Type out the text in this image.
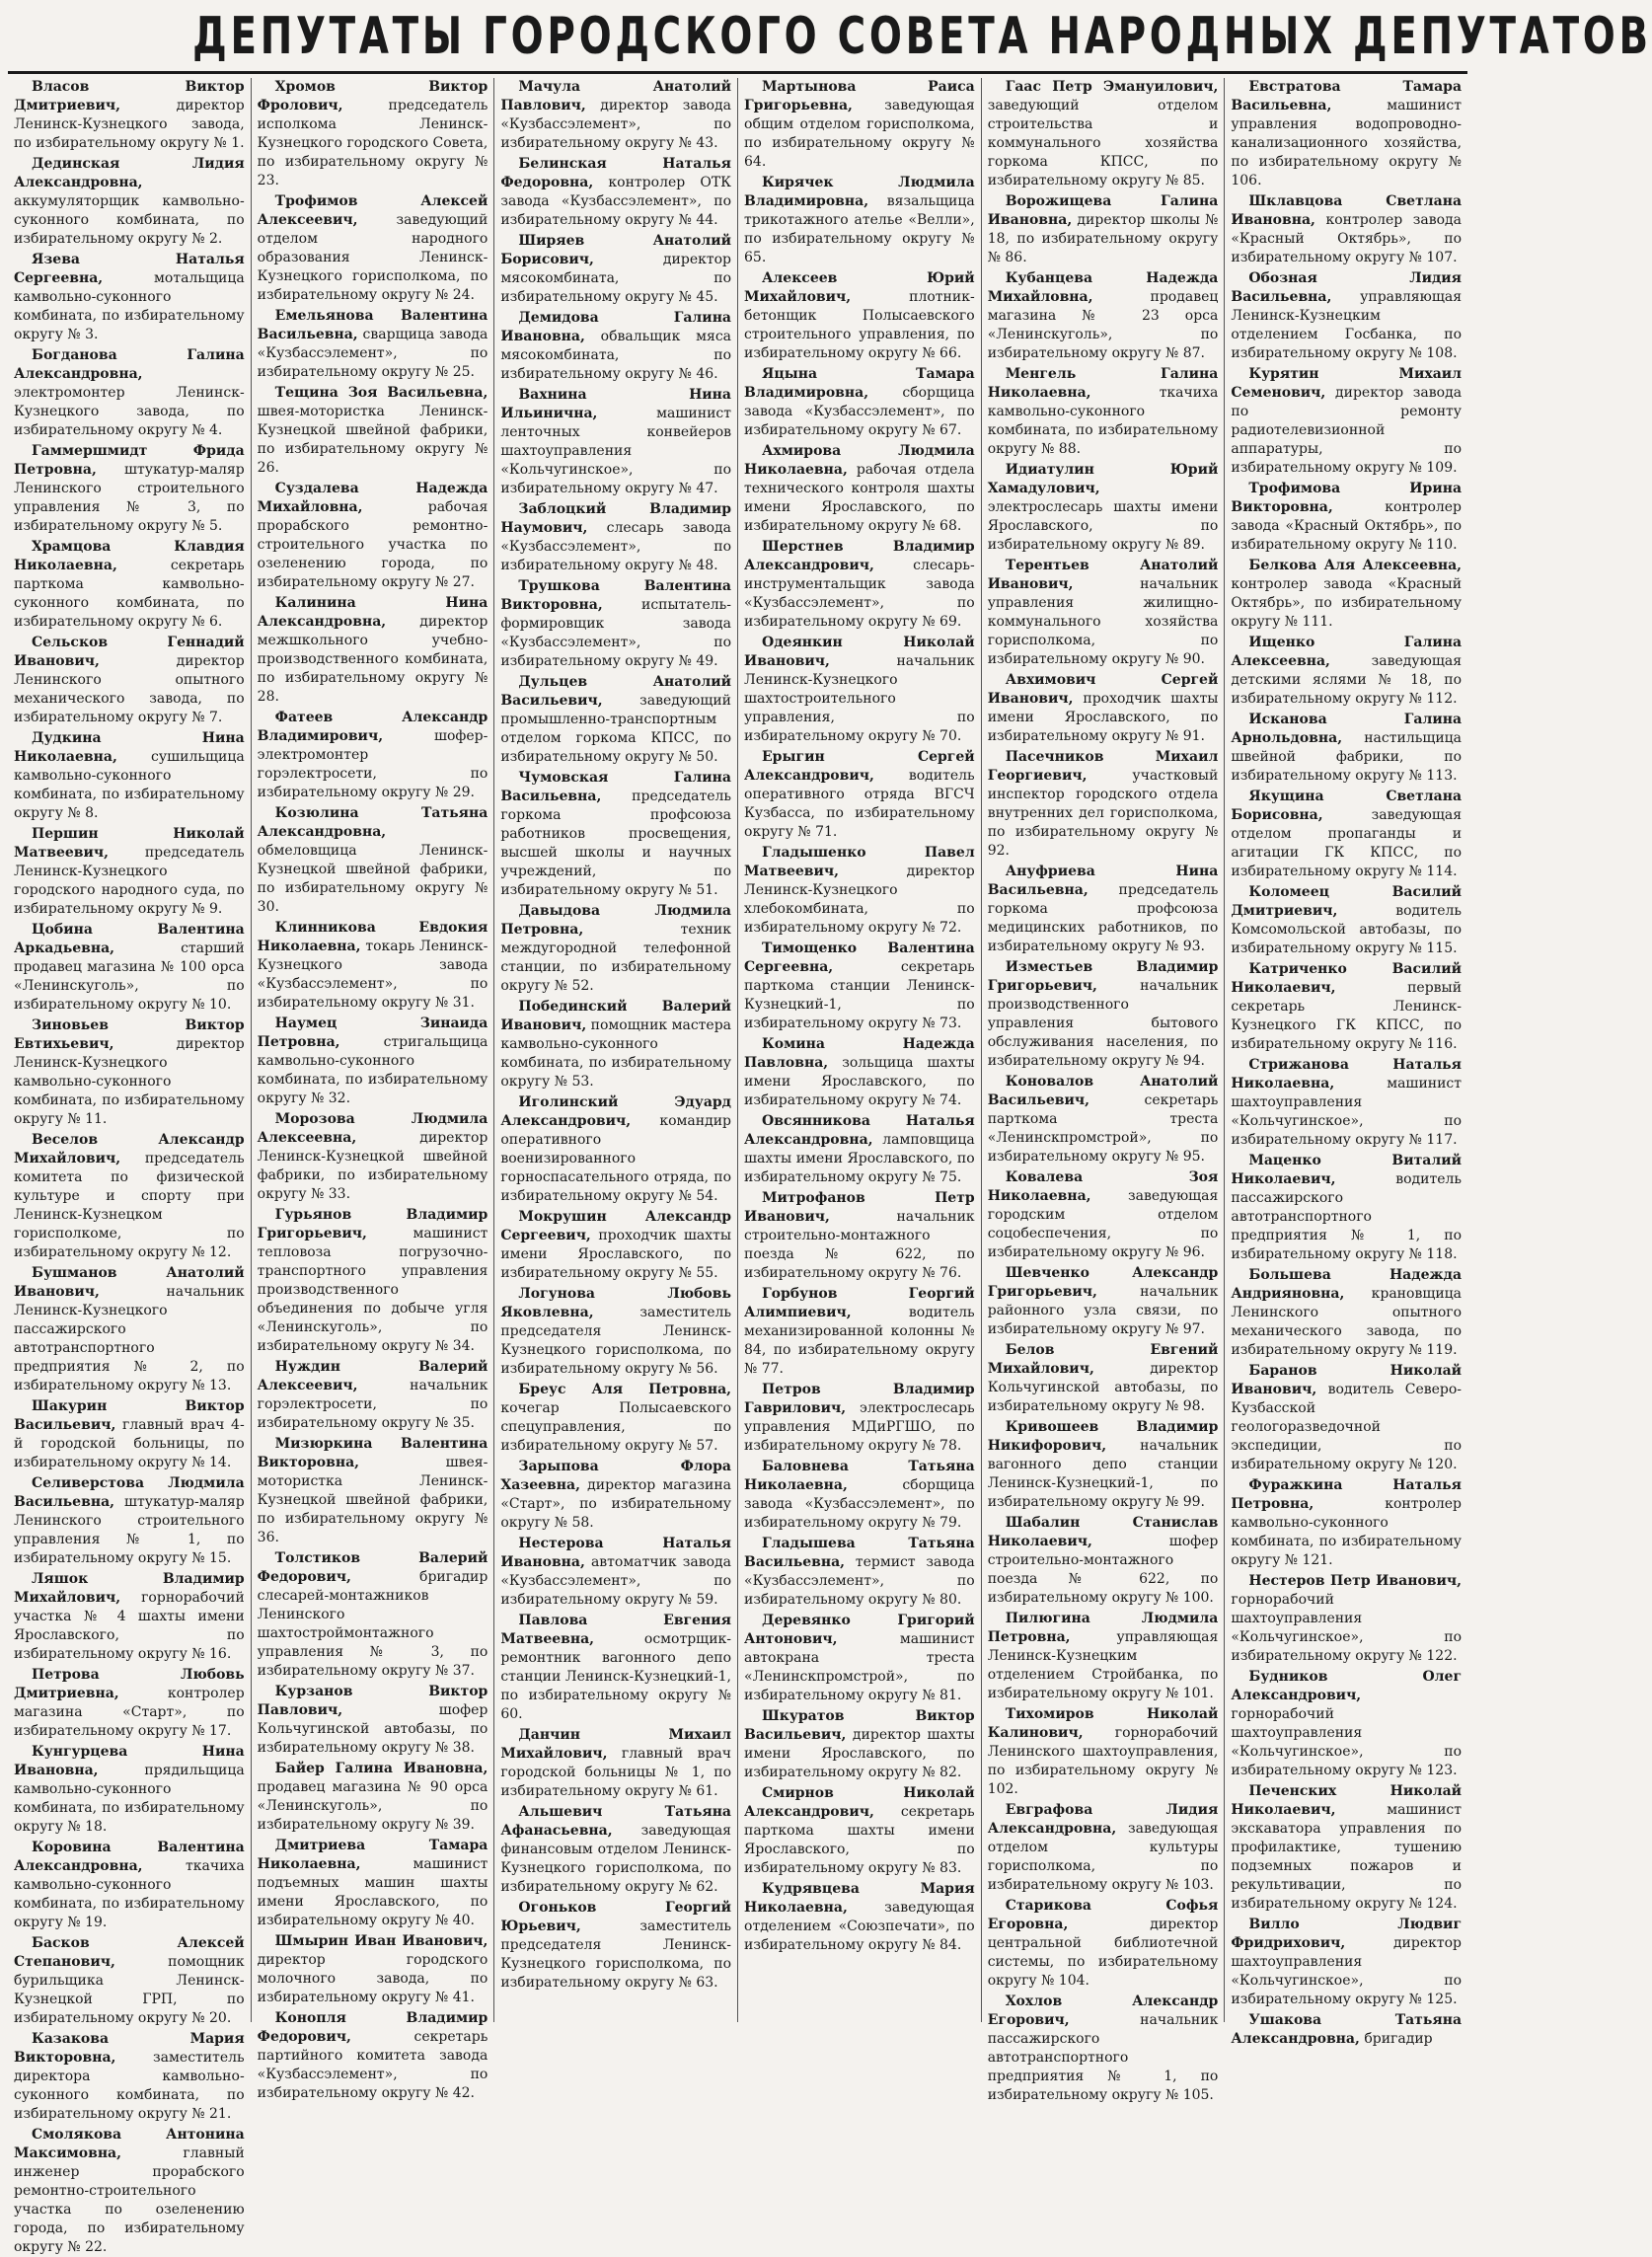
ДЕПУТАТЫ ГОРОДСКОГО СОВЕТА НАРОДНЫХ ДЕПУТАТОВ

Власов Виктор Дмитриевич,	директор Ленинск-Кузнецкого завода, по избирательному округу № 1.

Дединская Лидия Александровна, аккумуляторщик камвольно-суконного комбината, по избирательному округу № 2.

Язева Наталья Сергеевна,	мотальщица камвольно-суконного комбината, по избирательному округу № 3.

Богданова Галина Александровна, электромонтер Ленинск-Кузнецкого завода, по избирательному округу № 4.

Гаммершмидт Фрида Петровна, штукатур-маляр Ленинского строительного управления № 3, по избирательному округу № 5.

Храмцова Клавдия Николаевна,	секретарь парткома камвольно-суконного комбината, по избирательному округу № 6.

Сельсков Геннадий Иванович,	директор Ленинского опытного механического завода, по избирательному округу № 7.

Дудкина Нина Николаевна, сушильщица камвольно-суконного комбината, по избирательному округу № 8.

Першин Николай Матвеевич,	председатель Ленинск-Кузнецкого городского народного суда, по избирательному округу № 9.

Цобина Валентина Аркадьевна,	старший продавец магазина № 100 орса «Ленинскуголь», по избирательному округу № 10.

Зиновьев Виктор Евтихьевич,	директор Ленинск-Кузнецкого камвольно-суконного комбината, по избирательному округу № 11.

Веселов Александр Михайлович, председатель комитета по физической культуре и спорту при Ленинск-Кузнецком горисполкоме, по избирательному округу № 12.

Бушманов Анатолий Иванович,	начальник Ленинск-Кузнецкого пассажирского автотранспортного предприятия № 2, по избирательному округу № 13.

Шакурин Виктор Васильевич, главный врач 4-й городской больницы, по избирательному округу № 14.

Селиверстова Людмила Васильевна, штукатур-маляр Ленинского строительного управления № 1, по избирательному округу № 15.

Ляшок Владимир Михайлович, горнорабочий участка № 4 шахты имени Ярославского, по избирательному округу № 16.

Петрова Любовь Дмитриевна,	контролер магазина «Старт», по избирательному округу № 17.

Кунгурцева Нина Ивановна,	прядильщица камвольно-суконного комбината, по избирательному округу № 18.

Коровина Валентина Александровна,	ткачиха камвольно-суконного комбината, по избирательному округу № 19.

Басков Алексей Степанович,	помощник бурильщика Ленинск-Кузнецкой ГРП, по избирательному округу № 20.

Казакова Мария Викторовна,	заместитель директора камвольно-суконного комбината, по избирательному округу № 21.

Смолякова Антонина Максимовна,	главный инженер прорабского ремонтно-строительного участка по озеленению города, по избирательному округу № 22.

Хромов Виктор Фролович,	председатель исполкома Ленинск-Кузнецкого городского Совета, по избирательному округу № 23.

Трофимов Алексей Алексеевич,	заведующий отделом народного образования Ленинск-Кузнецкого горисполкома, по избирательному округу № 24.

Емельянова Валентина Васильевна, сварщица завода «Кузбассэлемент», по избирательному округу № 25.

Тещина Зоя Васильевна, швея-мотористка Ленинск-Кузнецкой швейной фабрики, по избирательному округу № 26.

Суздалева Надежда Михайловна,	рабочая прорабского ремонтно-строительного участка по озеленению города, по избирательному округу № 27.

Калинина Нина Александровна, директор межшкольного учебно-производственного комбината, по избирательному округу № 28.

Фатеев Александр Владимирович,	шофер-электромонтер горэлектросети, по избирательному округу № 29.

Козюлина Татьяна Александровна, обмеловщица Ленинск-Кузнецкой швейной фабрики, по избирательному округу № 30.

Клинникова Евдокия Николаевна, токарь Ленинск-Кузнецкого завода «Кузбассэлемент», по избирательному округу № 31.

Наумец Зинаида Петровна,	стригальщица камвольно-суконного комбината, по избирательному округу № 32.

Морозова Людмила Алексеевна,	директор Ленинск-Кузнецкой швейной фабрики, по избирательному округу № 33.

Гурьянов Владимир Григорьевич,	машинист тепловоза погрузочно-транспортного управления производственного объединения по добыче угля «Ленинскуголь», по избирательному округу № 34.

Нуждин Валерий Алексеевич,	начальник горэлектросети, по избирательному округу № 35.

Мизюркина Валентина Викторовна,	швея-мотористка Ленинск-Кузнецкой швейной фабрики, по избирательному округу № 36.

Толстиков Валерий Федорович,	бригадир слесарей-монтажников Ленинского шахтостроймонтажного управления № 3, по избирательному округу № 37.

Курзанов Виктор Павлович,	шофер Кольчугинской автобазы, по избирательному округу № 38.

Байер Галина Ивановна, продавец магазина № 90 орса «Ленинскуголь», по избирательному округу № 39.

Дмитриева Тамара Николаевна,	машинист подъемных машин шахты имени Ярославского, по избирательному округу № 40.

Шмырин Иван Иванович, директор городского молочного завода, по избирательному округу № 41.

Конопля Владимир Федорович,	секретарь партийного комитета завода «Кузбассэлемент», по избирательному округу № 42.

Мачула Анатолий Павлович, директор завода «Кузбассэлемент», по избирательному округу № 43.

Белинская Наталья Федоровна, контролер ОТК завода «Кузбассэлемент», по избирательному округу № 44.

Ширяев Анатолий Борисович,	директор мясокомбината, по избирательному округу № 45.

Демидова Галина Ивановна, обвальщик мяса мясокомбината, по избирательному округу № 46.

Вахнина Нина Ильинична,	машинист ленточных конвейеров шахтоуправления «Кольчугинское», по избирательному округу № 47.

Заблоцкий Владимир Наумович, слесарь завода «Кузбассэлемент», по избирательному округу № 48.

Трушкова Валентина Викторовна,	испытатель-формировщик завода «Кузбассэлемент», по избирательному округу № 49.

Дульцев Анатолий Васильевич,	заведующий промышленно-транспортным отделом горкома КПСС, по избирательному округу № 50.

Чумовская Галина Васильевна, председатель горкома профсоюза работников просвещения, высшей школы и научных учреждений, по избирательному округу № 51.

Давыдова Людмила Петровна,	техник междугородной телефонной станции, по избирательному округу № 52.

Побединский Валерий Иванович, помощник мастера камвольно-суконного комбината, по избирательному округу № 53.

Иголинский Эдуард Александрович, командир оперативного военизированного горноспасательного отряда, по избирательному округу № 54.

Мокрушин Александр Сергеевич, проходчик шахты имени Ярославского, по избирательному округу № 55.

Логунова Любовь Яковлевна,	заместитель председателя Ленинск-Кузнецкого горисполкома, по избирательному округу № 56.

Бреус Аля Петровна, кочегар Полысаевского спецуправления, по избирательному округу № 57.

Зарыпова Флора Хазеевна, директор магазина «Старт», по избирательному округу № 58.

Нестерова Наталья Ивановна, автоматчик завода «Кузбассэлемент», по избирательному округу № 59.

Павлова Евгения Матвеевна,	осмотрщик-ремонтник вагонного депо станции Ленинск-Кузнецкий-1, по избирательному округу № 60.

Данчин Михаил Михайлович, главный врач городской больницы № 1, по избирательному округу № 61.

Альшевич Татьяна Афанасьевна, заведующая финансовым отделом Ленинск-Кузнецкого горисполкома, по избирательному округу № 62.

Огоньков Георгий Юрьевич,	заместитель председателя Ленинск-Кузнецкого горисполкома, по избирательному округу № 63.

Мартынова Раиса Григорьевна, заведующая общим отделом горисполкома, по избирательному округу № 64.

Кирячек Людмила Владимировна, вязальщица трикотажного ателье «Велли», по избирательному округу № 65.

Алексеев Юрий Михайлович,	плотник-бетонщик Полысаевского строительного управления, по избирательному округу № 66.

Яцына Тамара Владимировна, сборщица завода «Кузбассэлемент», по избирательному округу № 67.

Ахмирова Людмила Николаевна, рабочая отдела технического контроля шахты имени Ярославского, по избирательному округу № 68.

Шерстнев Владимир Александрович,	слесарь-инструментальщик завода «Кузбассэлемент», по избирательному округу № 69.

Одеянкин Николай Иванович,	начальник Ленинск-Кузнецкого шахтостроительного управления, по избирательному округу № 70.

Ерыгин Сергей Александрович,	водитель оперативного отряда ВГСЧ Кузбасса, по избирательному округу № 71.

Гладышенко Павел Матвеевич,	директор Ленинск-Кузнецкого хлебокомбината, по избирательному округу № 72.

Тимощенко Валентина Сергеевна,	секретарь парткома станции Ленинск-Кузнецкий-1, по избирательному округу № 73.

Комина Надежда Павловна, зольщица шахты имени Ярославского, по избирательному округу № 74.

Овсянникова Наталья Александровна, ламповщица шахты имени Ярославского, по избирательному округу № 75.

Митрофанов Петр Иванович,	начальник строительно-монтажного поезда № 622, по избирательному округу № 76.

Горбунов Георгий Алимпиевич,	водитель механизированной колонны № 84, по избирательному округу № 77.

Петров Владимир Гаврилович, электрослесарь управления МДиРГШО, по избирательному округу № 78.

Баловнева Татьяна Николаевна,	сборщица завода «Кузбассэлемент», по избирательному округу № 79.

Гладышева Татьяна Васильевна, термист завода «Кузбассэлемент», по избирательному округу № 80.

Деревянко Григорий Антонович,	машинист автокрана треста «Ленинскпромстрой», по избирательному округу № 81.

Шкуратов Виктор Васильевич, директор шахты имени Ярославского, по избирательному округу № 82.

Смирнов Николай Александрович, секретарь парткома шахты имени Ярославского, по избирательному округу № 83.

Кудрявцева Мария Николаевна,	заведующая отделением «Союзпечати», по избирательному округу № 84.

Гаас Петр Эмануилович, заведующий отделом строительства и коммунального хозяйства горкома КПСС, по избирательному округу № 85.

Ворожищева Галина Ивановна, директор школы № 18, по избирательному округу № 86.

Кубанцева Надежда Михайловна,	продавец магазина № 23 орса «Ленинскуголь», по избирательному округу № 87.

Менгель Галина Николаевна,	ткачиха камвольно-суконного комбината, по избирательному округу № 88.

Идиатулин Юрий Хамадулович, электрослесарь шахты имени Ярославского, по избирательному округу № 89.

Терентьев Анатолий Иванович,	начальник управления жилищно-коммунального хозяйства горисполкома, по избирательному округу № 90.

Авхимович Сергей Иванович, проходчик шахты имени Ярославского, по избирательному округу № 91.

Пасечников Михаил Георгиевич,	участковый инспектор городского отдела внутренних дел горисполкома, по избирательному округу № 92.

Ануфриева Нина Васильевна, председатель горкома профсоюза медицинских работников, по избирательному округу № 93.

Изместьев Владимир Григорьевич,	начальник производственного управления бытового обслуживания населения, по избирательному округу № 94.

Коновалов Анатолий Васильевич,	секретарь парткома треста «Ленинскпромстрой», по избирательному округу № 95.

Ковалева Зоя Николаевна,	заведующая городским отделом соцобеспечения, по избирательному округу № 96.

Шевченко Александр Григорьевич,	начальник районного узла связи, по избирательному округу № 97.

Белов Евгений Михайлович,	директор Кольчугинской автобазы, по избирательному округу № 98.

Кривошеев Владимир Никифорович, начальник вагонного депо станции Ленинск-Кузнецкий-1, по избирательному округу № 99.

Шабалин Станислав Николаевич,	шофер строительно-монтажного поезда № 622, по избирательному округу № 100.

Пилюгина Людмила Петровна,	управляющая Ленинск-Кузнецким отделением Стройбанка, по избирательному округу № 101.

Тихомиров Николай Калинович, горнорабочий Ленинского шахтоуправления, по избирательному округу № 102.

Евграфова Лидия Александровна, заведующая отделом культуры горисполкома, по избирательному округу № 103.

Старикова Софья Егоровна,	директор центральной библиотечной системы, по избирательному округу № 104.

Хохлов Александр Егорович,	начальник пассажирского автотранспортного предприятия № 1, по избирательному округу № 105.

Евстратова Тамара Васильевна,	машинист управления водопроводно-канализационного хозяйства, по избирательному округу № 106.

Шклавцова Светлана Ивановна, контролер завода «Красный Октябрь», по избирательному округу № 107.

Обозная Лидия Васильевна, управляющая Ленинск-Кузнецким отделением Госбанка, по избирательному округу № 108.

Курятин Михаил Семенович, директор завода по ремонту радиотелевизионной аппаратуры, по избирательному округу № 109.

Трофимова Ирина Викторовна,	контролер завода «Красный Октябрь», по избирательному округу № 110.

Белкова Аля Алексеевна, контролер завода «Красный Октябрь», по избирательному округу № 111.

Ищенко Галина Алексеевна,	заведующая детскими яслями № 18, по избирательному округу № 112.

Исканова Галина Арнольдовна, настильщица швейной фабрики, по избирательному округу № 113.

Якущина Светлана Борисовна,	заведующая отделом пропаганды и агитации ГК КПСС, по избирательному округу № 114.

Коломеец Василий Дмитриевич,	водитель Комсомольской автобазы, по избирательному округу № 115.

Катриченко Василий Николаевич,	первый секретарь Ленинск-Кузнецкого ГК КПСС, по избирательному округу № 116.

Стрижанова Наталья Николаевна,	машинист шахтоуправления «Кольчугинское», по избирательному округу № 117.

Маценко Виталий Николаевич,	водитель пассажирского автотранспортного предприятия № 1, по избирательному округу № 118.

Большева Надежда Андрияновна, крановщица Ленинского опытного механического завода, по избирательному округу № 119.

Баранов Николай Иванович, водитель Северо-Кузбасской геологоразведочной экспедиции, по избирательному округу № 120.

Фуражкина Наталья Петровна,	контролер камвольно-суконного комбината, по избирательному округу № 121.

Нестеров Петр Иванович, горнорабочий шахтоуправления «Кольчугинское», по избирательному округу № 122.

Будников Олег Александрович, горнорабочий шахтоуправления «Кольчугинское», по избирательному округу № 123.

Печенских Николай Николаевич,	машинист экскаватора управления по профилактике, тушению подземных пожаров и рекультивации, по избирательному округу № 124.

Вилло Людвиг Фридрихович,	директор шахтоуправления «Кольчугинское», по избирательному округу № 125.

Ушакова Татьяна Александровна, бригадир
